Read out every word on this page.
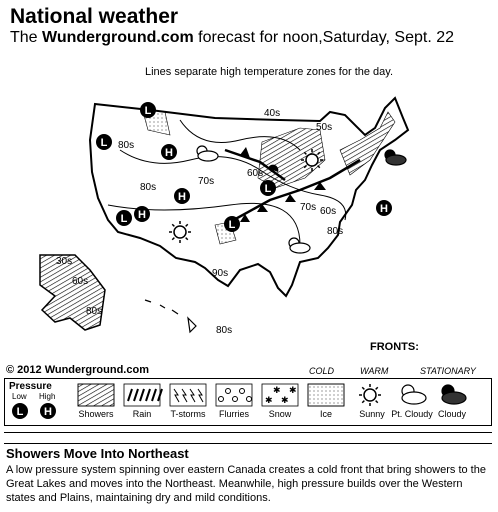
National weather
The Wunderground.com forecast for noon,Saturday, Sept. 22
Lines separate high temperature zones for the day.
40s
50s
80s
70s
80s
60s
70s
80s
90s
30s
60s
80s
80s
60s
L
H
H
L H
L
L
H
L
© 2012 Wunderground.com
FRONTS:
COLD	WARM	STATIONARY
Pressure
Low High
L H
✱
✱
✱
✱
Showers	Rain	T-storms	Flurries	Snow	Ice	Sunny Pt. Cloudy Cloudy
Showers Move Into Northeast
A low pressure system spinning over eastern Canada creates a cold front that bring showers to the Great Lakes and moves into the Northeast. Meanwhile, high pressure builds over the Western states and Plains, maintaining dry and mild conditions.
